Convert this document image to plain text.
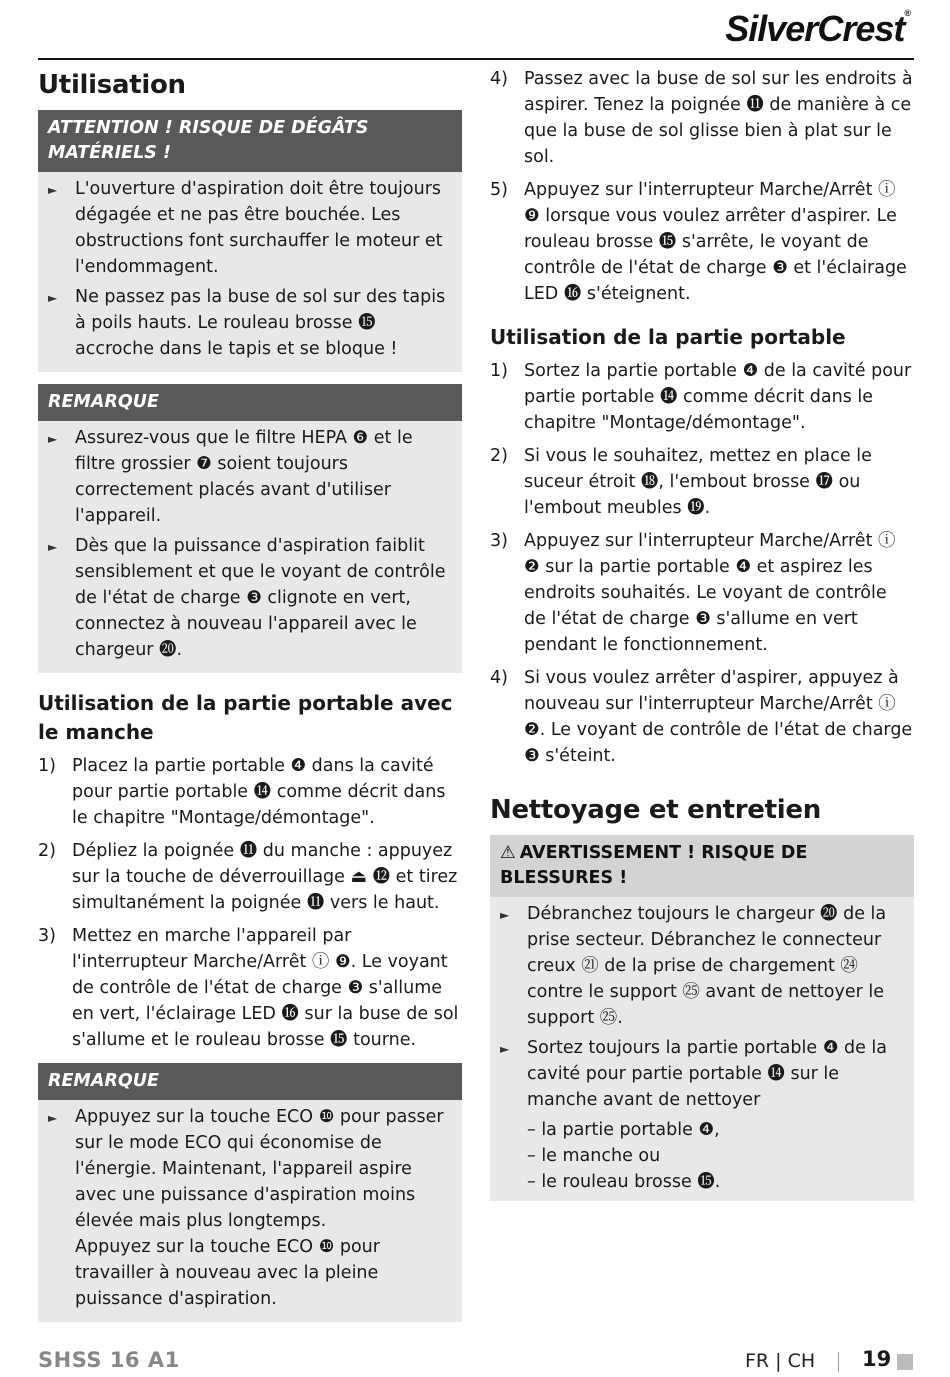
SilverCrest®
Utilisation
ATTENTION ! RISQUE DE DÉGÂTS MATÉRIELS !
►	L'ouverture d'aspiration doit être toujours dégagée et ne pas être bouchée. Les obstructions font surchauffer le moteur et l'endommagent.
►	Ne passez pas la buse de sol sur des tapis à poils hauts. Le rouleau brosse ⓯ accroche dans le tapis et se bloque !
REMARQUE
►	Assurez-vous que le filtre HEPA ❻ et le filtre grossier ❼ soient toujours correctement placés avant d'utiliser l'appareil.
►	Dès que la puissance d'aspiration faiblit sensiblement et que le voyant de contrôle de l'état de charge ❸ clignote en vert, connectez à nouveau l'appareil avec le chargeur ⓴.
Utilisation de la partie portable avec le manche
1) Placez la partie portable ❹ dans la cavité pour partie portable ⓮ comme décrit dans le chapitre "Montage/démontage".
2) Dépliez la poignée ⓫ du manche : appuyez sur la touche de déverrouillage ⏏ ⓬ et tirez simultanément la poignée ⓫ vers le haut.
3) Mettez en marche l'appareil par l'interrupteur Marche/Arrêt ⓘ ❾. Le voyant de contrôle de l'état de charge ❸ s'allume en vert, l'éclairage LED ⓰ sur la buse de sol s'allume et le rouleau brosse ⓯ tourne.
REMARQUE
►	Appuyez sur la touche ECO ❿ pour passer sur le mode ECO qui économise de l'énergie. Maintenant, l'appareil aspire avec une puissance d'aspiration moins élevée mais plus longtemps.
Appuyez sur la touche ECO ❿ pour travailler à nouveau avec la pleine puissance d'aspiration.
4) Passez avec la buse de sol sur les endroits à aspirer. Tenez la poignée ⓫ de manière à ce que la buse de sol glisse bien à plat sur le sol.
5) Appuyez sur l'interrupteur Marche/Arrêt ⓘ ❾ lorsque vous voulez arrêter d'aspirer. Le rouleau brosse ⓯ s'arrête, le voyant de contrôle de l'état de charge ❸ et l'éclairage LED ⓰ s'éteignent.
Utilisation de la partie portable
1) Sortez la partie portable ❹ de la cavité pour partie portable ⓮ comme décrit dans le chapitre "Montage/démontage".
2) Si vous le souhaitez, mettez en place le suceur étroit ⓲, l'embout brosse ⓱ ou l'embout meubles ⓳.
3) Appuyez sur l'interrupteur Marche/Arrêt ⓘ ❷ sur la partie portable ❹ et aspirez les endroits souhaités. Le voyant de contrôle de l'état de charge ❸ s'allume en vert pendant le fonctionnement.
4) Si vous voulez arrêter d'aspirer, appuyez à nouveau sur l'interrupteur Marche/Arrêt ⓘ ❷. Le voyant de contrôle de l'état de charge ❸ s'éteint.
Nettoyage et entretien
⚠ AVERTISSEMENT ! RISQUE DE BLESSURES !
►	Débranchez toujours le chargeur ⓴ de la prise secteur. Débranchez le connecteur creux ㉑ de la prise de chargement ㉔ contre le support ㉕ avant de nettoyer le support ㉕.
►	Sortez toujours la partie portable ❹ de la cavité pour partie portable ⓮ sur le manche avant de nettoyer
– la partie portable ❹,
– le manche ou
– le rouleau brosse ⓯.
SHSS 16 A1	FR | CH 19
